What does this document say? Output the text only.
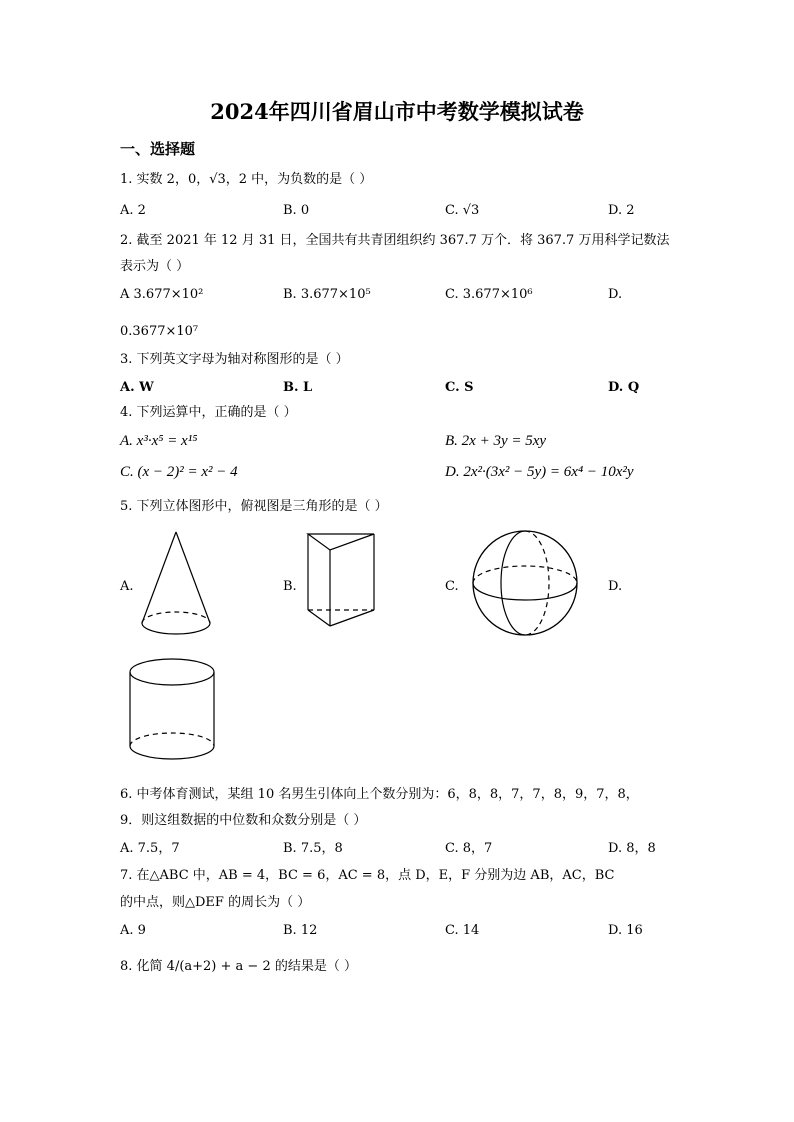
2024年四川省眉山市中考数学模拟试卷
一、选择题
1. 实数 2，0，√3，2 中，为负数的是（ ）
A. 2	B. 0	C. √3	D. 2
2. 截至 2021 年 12 月 31 日，全国共有共青团组织约 367.7 万个．将 367.7 万用科学记数法
表示为（ ）
A 3.677×10²	B. 3.677×10⁵	C. 3.677×10⁶	D.
0.3677×10⁷
3. 下列英文字母为轴对称图形的是（ ）
A. W	B. L	C. S	D. Q
4. 下列运算中，正确的是（ ）
A. x³·x⁵ = x¹⁵	B. 2x + 3y = 5xy
C. (x − 2)² = x² − 4	D. 2x²·(3x² − 5y) = 6x⁴ − 10x²y
5. 下列立体图形中，俯视图是三角形的是（ ）
A.	B.	C.	D.
6. 中考体育测试，某组 10 名男生引体向上个数分别为：6，8，8，7，7，8，9，7，8，
9．则这组数据的中位数和众数分别是（ ）
A. 7.5，7	B. 7.5，8	C. 8，7	D. 8，8
7. 在△ABC 中，AB = 4，BC = 6，AC = 8，点 D，E，F 分别为边 AB，AC，BC
的中点，则△DEF 的周长为（ ）
A. 9	B. 12	C. 14	D. 16
8. 化简 4/(a+2) + a − 2 的结果是（ ）
